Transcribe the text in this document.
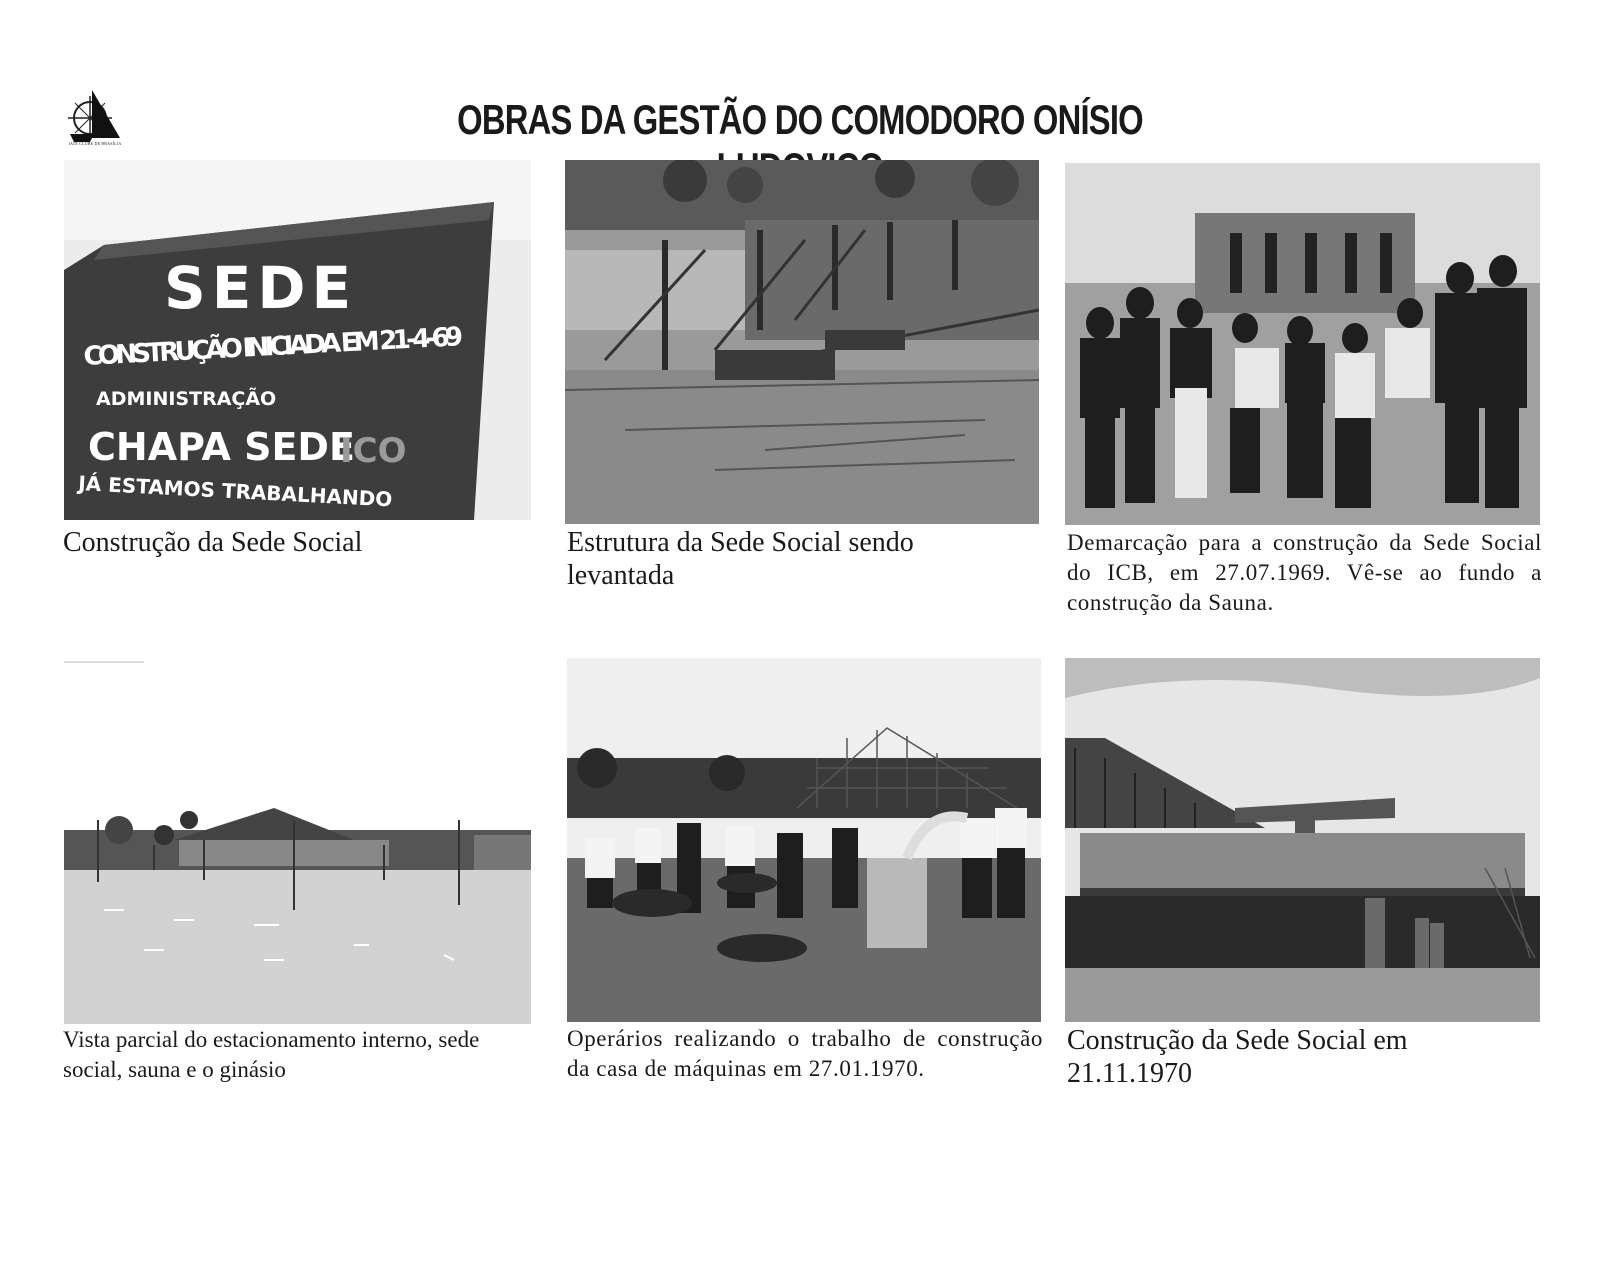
IATE CLUBE DE BRASÍLIA
OBRAS DA GESTÃO DO COMODORO ONÍSIO
SEDE
CONSTRUÇÃO INICIADA EM 21-4-69
ADMINISTRAÇÃO
CHAPA SEDE
ICO
JÁ ESTAMOS TRABALHANDO

Construção da Sede Social	Estrutura da Sede Social sendo levantada

Demarcação para a construção da Sede Social do ICB, em 27.07.1969. Vê-se ao fundo a construção da Sauna.

Vista parcial do estacionamento interno, sede social, sauna e o ginásio

Operários realizando o trabalho de construção da casa de máquinas em 27.01.1970.

Construção da Sede Social em 21.11.1970
